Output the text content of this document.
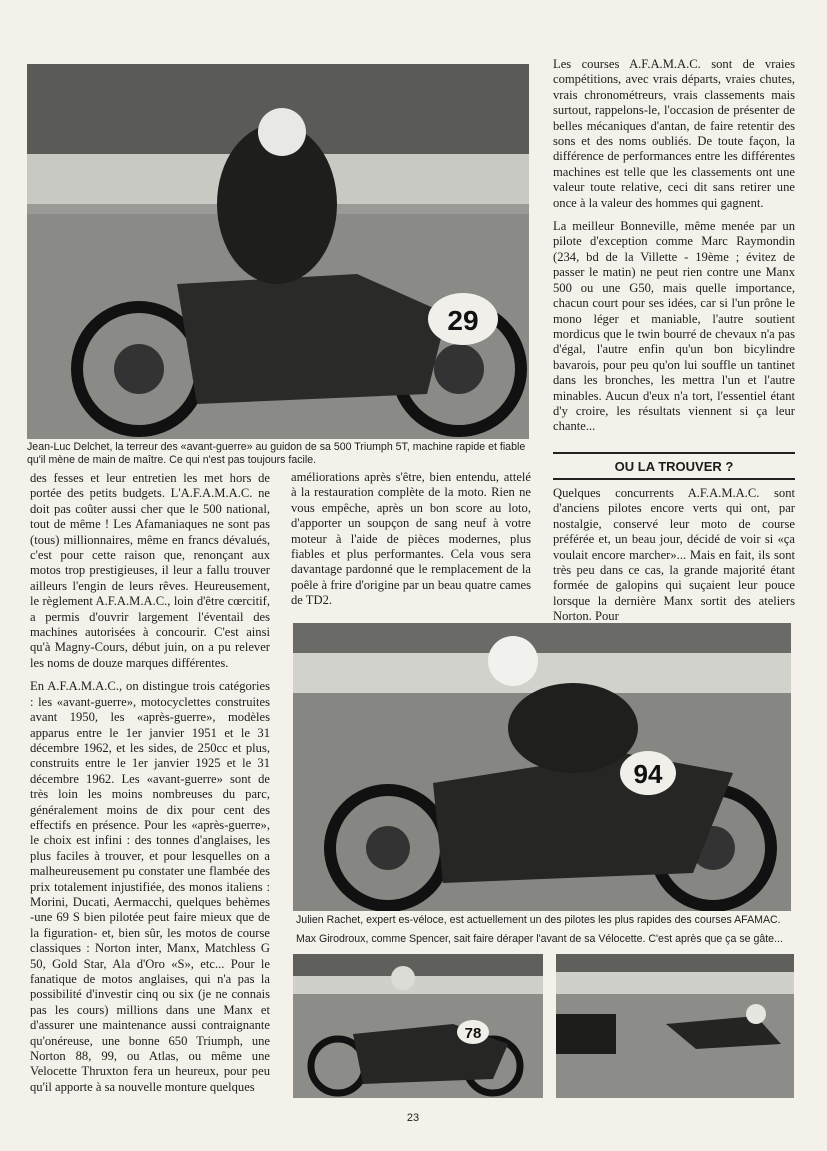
29

Jean-Luc Delchet, la terreur des «avant-guerre» au guidon de sa 500 Triumph 5T, machine rapide et fiable qu'il mène de main de maître. Ce qui n'est pas toujours facile.

Les courses A.F.A.M.A.C. sont de vraies compétitions, avec vrais départs, vraies chutes, vrais chronométreurs, vrais classements mais surtout, rappelons-le, l'occasion de présenter de belles mécaniques d'antan, de faire retentir des sons et des noms oubliés. De toute façon, la différence de performances entre les différentes machines est telle que les classements ont une valeur toute relative, ceci dit sans retirer une once à la valeur des hommes qui gagnent.

La meilleur Bonneville, même menée par un pilote d'exception comme Marc Raymondin (234, bd de la Villette - 19ème ; évitez de passer le matin) ne peut rien contre une Manx 500 ou une G50, mais quelle importance, chacun court pour ses idées, car si l'un prône le mono léger et maniable, l'autre soutient mordicus que le twin bourré de chevaux n'a pas d'égal, l'autre enfin qu'un bon bicylindre bavarois, pour peu qu'on lui souffle un tantinet dans les bronches, les mettra l'un et l'autre minables. Aucun d'eux n'a tort, l'essentiel étant d'y croire, les résultats viennent si ça leur chante...

OU LA TROUVER ?

Quelques concurrents A.F.A.M.A.C. sont d'anciens pilotes encore verts qui ont, par nostalgie, conservé leur moto de course préférée et, un beau jour, décidé de voir si «ça voulait encore marcher»... Mais en fait, ils sont très peu dans ce cas, la grande majorité étant formée de galopins qui suçaient leur pouce lorsque la dernière Manx sortit des ateliers Norton. Pour

améliorations après s'être, bien entendu, attelé à la restauration complète de la moto. Rien ne vous empêche, après un bon score au loto, d'apporter un soupçon de sang neuf à votre moteur à l'aide de pièces modernes, plus fiables et plus performantes. Cela vous sera davantage pardonné que le remplacement de la poêle à frire d'origine par un beau quatre cames de TD2.

des fesses et leur entretien les met hors de portée des petits budgets. L'A.F.A.M.A.C. ne doit pas coûter aussi cher que le 500 national, tout de même ! Les Afamaniaques ne sont pas (tous) millionnaires, même en francs dévalués, c'est pour cette raison que, renonçant aux motos trop prestigieuses, il leur a fallu trouver ailleurs l'engin de leurs rêves. Heureusement, le règlement A.F.A.M.A.C., loin d'être cœrcitif, a permis d'ouvrir largement l'éventail des machines autorisées à concourir. C'est ainsi qu'à Magny-Cours, début juin, on a pu relever les noms de douze marques différentes.

En A.F.A.M.A.C., on distingue trois catégories : les «avant-guerre», motocyclettes construites avant 1950, les «après-guerre», modèles apparus entre le 1er janvier 1951 et le 31 décembre 1962, et les sides, de 250cc et plus, construits entre le 1er janvier 1925 et le 31 décembre 1962. Les «avant-guerre» sont de très loin les moins nombreuses du parc, généralement moins de dix pour cent des effectifs en présence. Pour les «après-guerre», le choix est infini : des tonnes d'anglaises, les plus faciles à trouver, et pour lesquelles on a malheureusement pu constater une flambée des prix totalement injustifiée, des monos italiens : Morini, Ducati, Aermacchi, quelques behèmes -une 69 S bien pilotée peut faire mieux que de la figuration- et, bien sûr, les motos de course classiques : Norton inter, Manx, Matchless G 50, Gold Star, Ala d'Oro «S», etc... Pour le fanatique de motos anglaises, qui n'a pas la possibilité d'investir cinq ou six (je ne connais pas les cours) millions dans une Manx et d'assurer une maintenance aussi contraignante qu'onéreuse, une bonne 650 Triumph, une Norton 88, 99, ou Atlas, ou même une Velocette Thruxton fera un heureux, pour peu qu'il apporte à sa nouvelle monture quelques

94

Julien Rachet, expert es-véloce, est actuellement un des pilotes les plus rapides des courses AFAMAC.

Max Girodroux, comme Spencer, sait faire déraper l'avant de sa Vélocette. C'est après que ça se gâte...

78
23
